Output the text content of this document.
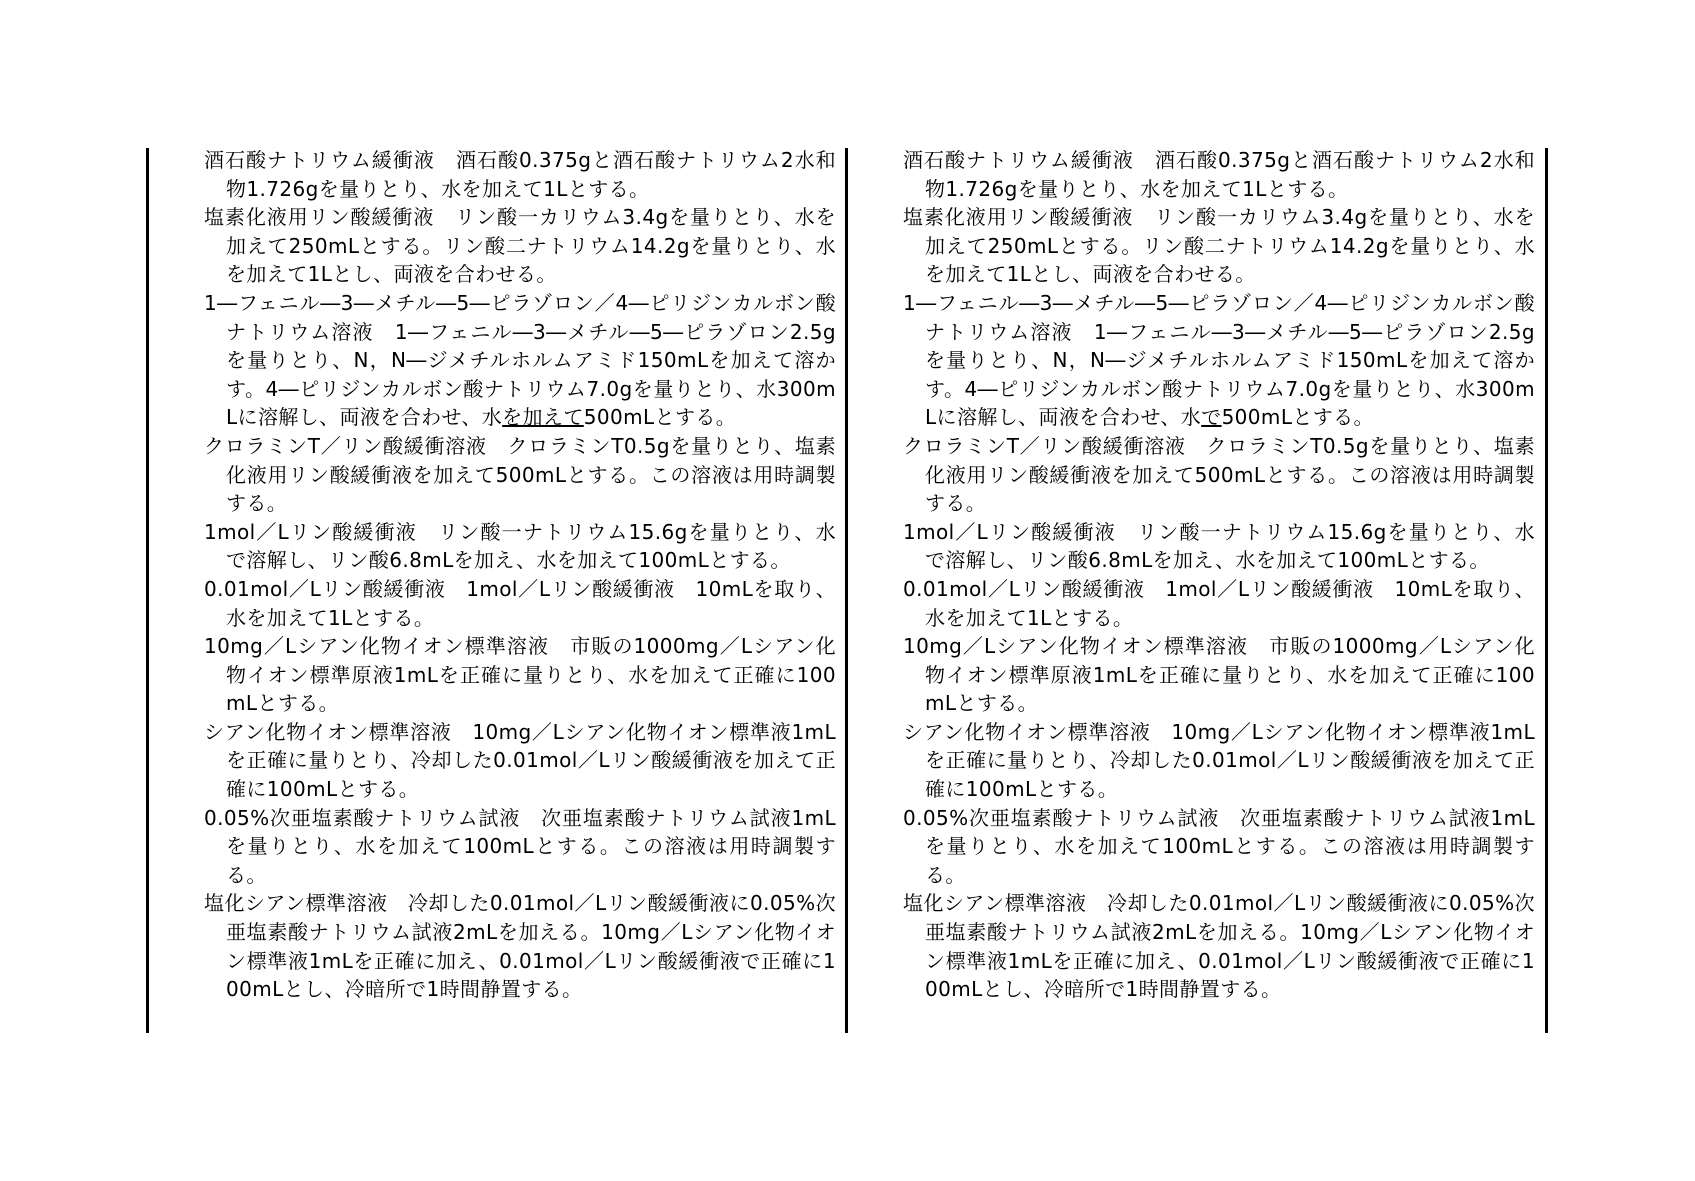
酒石酸ナトリウム緩衝液　酒石酸0.375gと酒石酸ナトリウム2水和物1.726gを量りとり、水を加えて1Lとする。

塩素化液用リン酸緩衝液　リン酸一カリウム3.4gを量りとり、水を加えて250mLとする。リン酸二ナトリウム14.2gを量りとり、水を加えて1Lとし、両液を合わせる。

1―フェニル―3―メチル―5―ピラゾロン／4―ピリジンカルボン酸ナトリウム溶液　1―フェニル―3―メチル―5―ピラゾロン2.5gを量りとり、N，N―ジメチルホルムアミド150mLを加えて溶かす。4―ピリジンカルボン酸ナトリウム7.0gを量りとり、水300mLに溶解し、両液を合わせ、水を加えて500mLとする。

クロラミンT／リン酸緩衝溶液　クロラミンT0.5gを量りとり、塩素化液用リン酸緩衝液を加えて500mLとする。この溶液は用時調製する。

1mol／Lリン酸緩衝液　リン酸一ナトリウム15.6gを量りとり、水で溶解し、リン酸6.8mLを加え、水を加えて100mLとする。

0.01mol／Lリン酸緩衝液　1mol／Lリン酸緩衝液　10mLを取り、水を加えて1Lとする。

10mg／Lシアン化物イオン標準溶液　市販の1000mg／Lシアン化物イオン標準原液1mLを正確に量りとり、水を加えて正確に100mLとする。

シアン化物イオン標準溶液　10mg／Lシアン化物イオン標準液1mLを正確に量りとり、冷却した0.01mol／Lリン酸緩衝液を加えて正確に100mLとする。

0.05%次亜塩素酸ナトリウム試液　次亜塩素酸ナトリウム試液1mLを量りとり、水を加えて100mLとする。この溶液は用時調製する。

塩化シアン標準溶液　冷却した0.01mol／Lリン酸緩衝液に0.05%次亜塩素酸ナトリウム試液2mLを加える。10mg／Lシアン化物イオン標準液1mLを正確に加え、0.01mol／Lリン酸緩衝液で正確に100mLとし、冷暗所で1時間静置する。

酒石酸ナトリウム緩衝液　酒石酸0.375gと酒石酸ナトリウム2水和物1.726gを量りとり、水を加えて1Lとする。

塩素化液用リン酸緩衝液　リン酸一カリウム3.4gを量りとり、水を加えて250mLとする。リン酸二ナトリウム14.2gを量りとり、水を加えて1Lとし、両液を合わせる。

1―フェニル―3―メチル―5―ピラゾロン／4―ピリジンカルボン酸ナトリウム溶液　1―フェニル―3―メチル―5―ピラゾロン2.5gを量りとり、N，N―ジメチルホルムアミド150mLを加えて溶かす。4―ピリジンカルボン酸ナトリウム7.0gを量りとり、水300mLに溶解し、両液を合わせ、水で500mLとする。

クロラミンT／リン酸緩衝溶液　クロラミンT0.5gを量りとり、塩素化液用リン酸緩衝液を加えて500mLとする。この溶液は用時調製する。

1mol／Lリン酸緩衝液　リン酸一ナトリウム15.6gを量りとり、水で溶解し、リン酸6.8mLを加え、水を加えて100mLとする。

0.01mol／Lリン酸緩衝液　1mol／Lリン酸緩衝液　10mLを取り、水を加えて1Lとする。

10mg／Lシアン化物イオン標準溶液　市販の1000mg／Lシアン化物イオン標準原液1mLを正確に量りとり、水を加えて正確に100mLとする。

シアン化物イオン標準溶液　10mg／Lシアン化物イオン標準液1mLを正確に量りとり、冷却した0.01mol／Lリン酸緩衝液を加えて正確に100mLとする。

0.05%次亜塩素酸ナトリウム試液　次亜塩素酸ナトリウム試液1mLを量りとり、水を加えて100mLとする。この溶液は用時調製する。

塩化シアン標準溶液　冷却した0.01mol／Lリン酸緩衝液に0.05%次亜塩素酸ナトリウム試液2mLを加える。10mg／Lシアン化物イオン標準液1mLを正確に加え、0.01mol／Lリン酸緩衝液で正確に100mLとし、冷暗所で1時間静置する。
